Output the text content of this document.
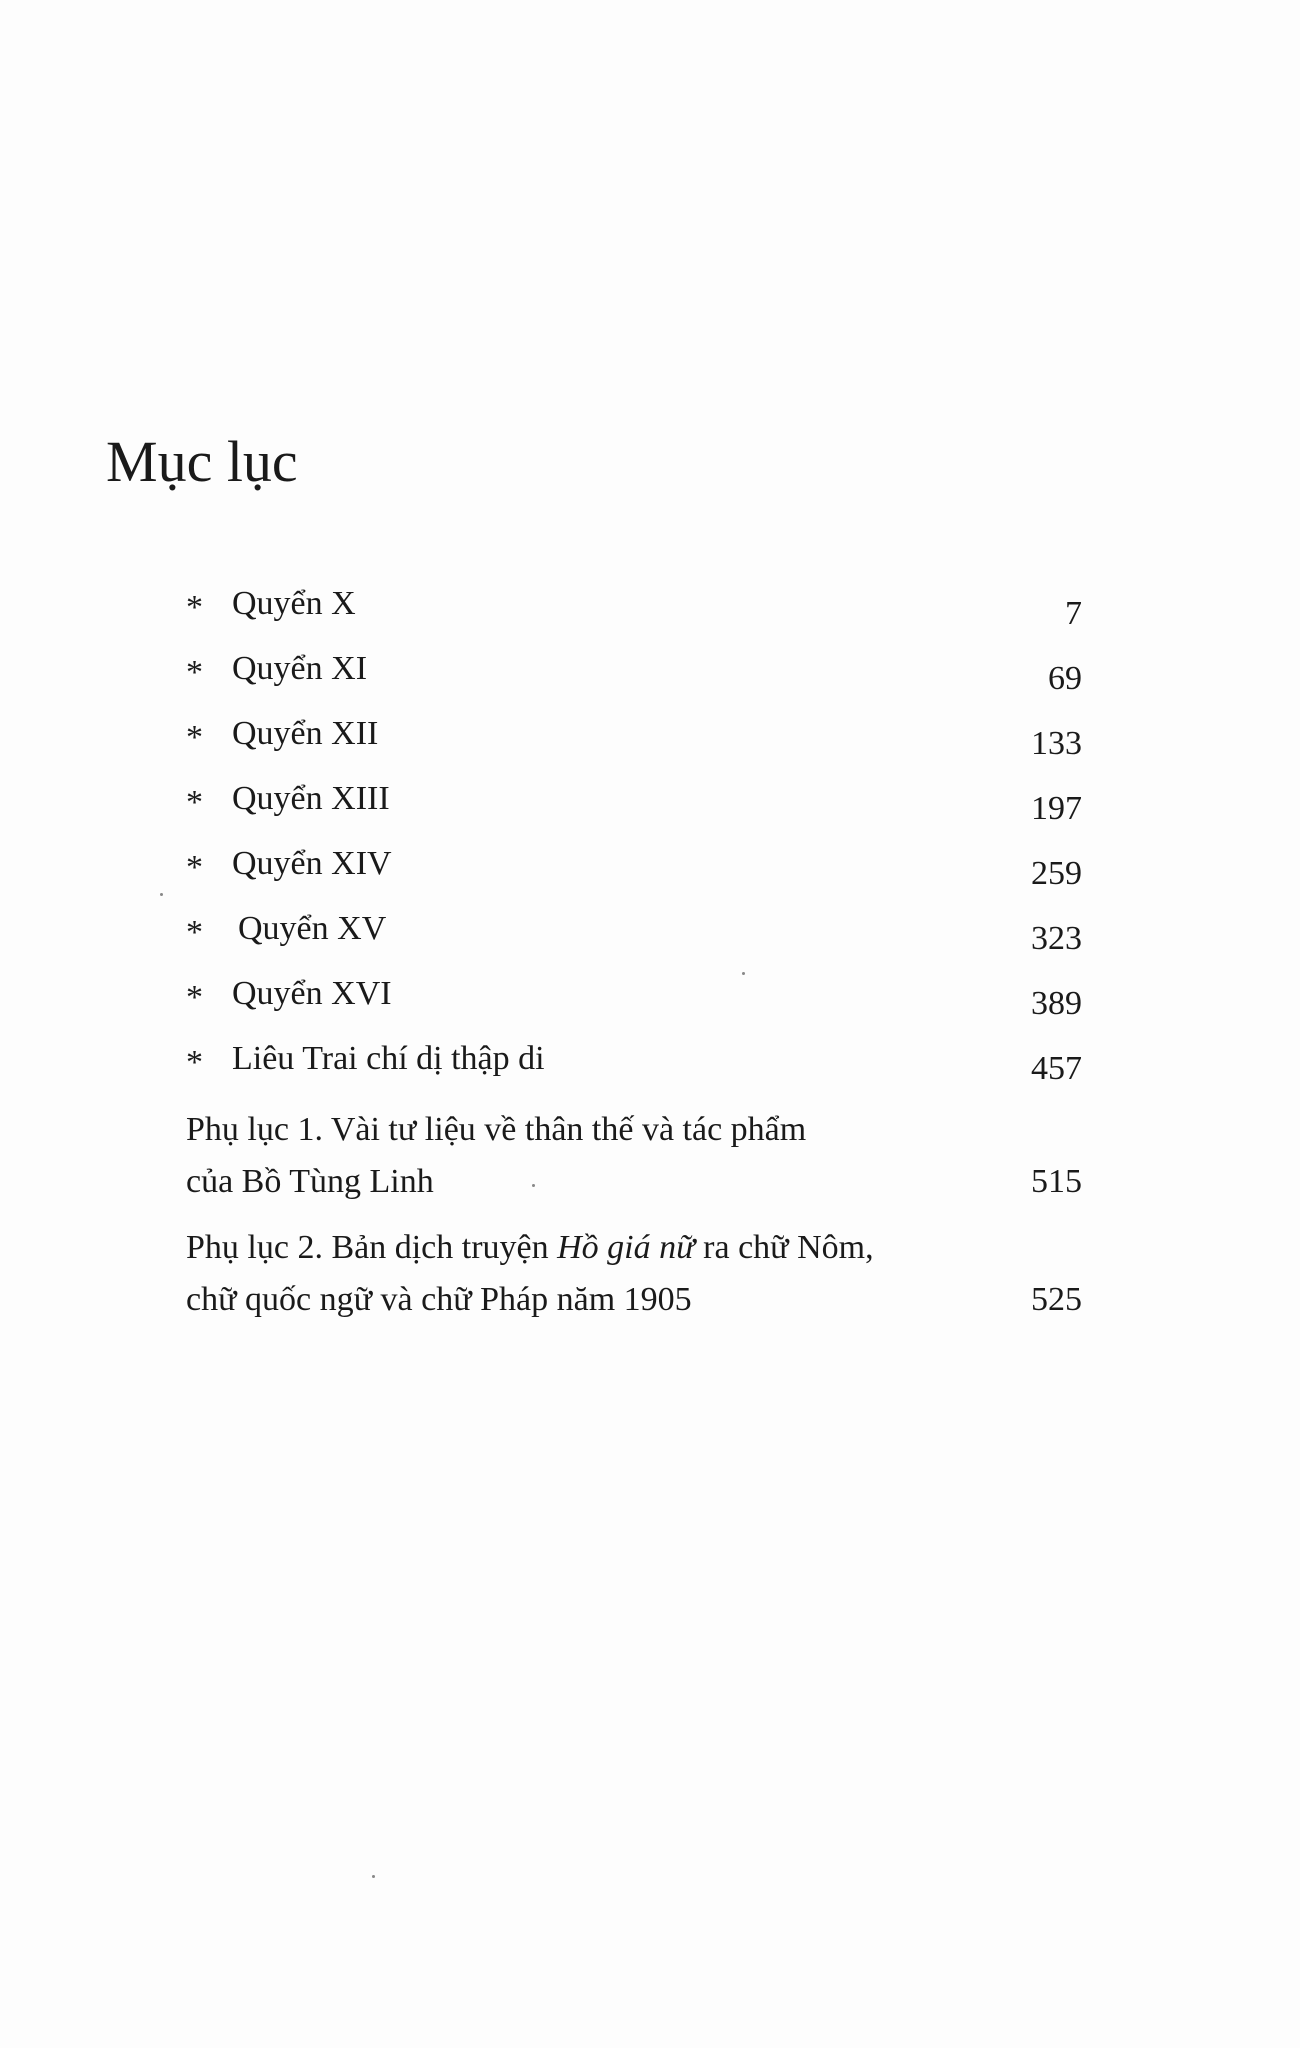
Mục lục
* Quyển X	7
* Quyển XI	69
* Quyển XII	133
* Quyển XIII	197
* Quyển XIV	259
* Quyển XV	323
* Quyển XVI	389
* Liêu Trai chí dị thập di	457
Phụ lục 1. Vài tư liệu về thân thế và tác phẩm
của Bồ Tùng Linh	515
Phụ lục 2. Bản dịch truyện Hồ giá nữ ra chữ Nôm,
chữ quốc ngữ và chữ Pháp năm 1905	525
